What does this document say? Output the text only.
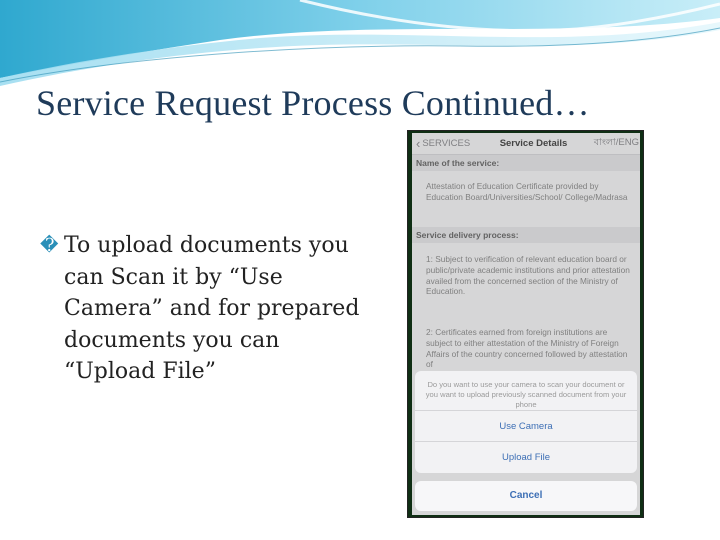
Service Request Process Continued…
� To upload documents you can Scan it by “Use Camera” and for prepared documents you can “Upload File”
‹ SERVICES	Service Details	বাংলা/ENG
Name of the service:
Attestation of Education Certificate provided by Education Board/Universities/School/ College/Madrasa
Service delivery process:
1: Subject to verification of relevant education board or public/private academic institutions and prior attestation availed from the concerned section of the Ministry of Education.
2: Certificates earned from foreign institutions are subject to either attestation of the Ministry of Foreign Affairs of the country concerned followed by attestation of
Do you want to use your camera to scan your document or you want to upload previously scanned document from your phone
Use Camera
Upload File
Cancel
